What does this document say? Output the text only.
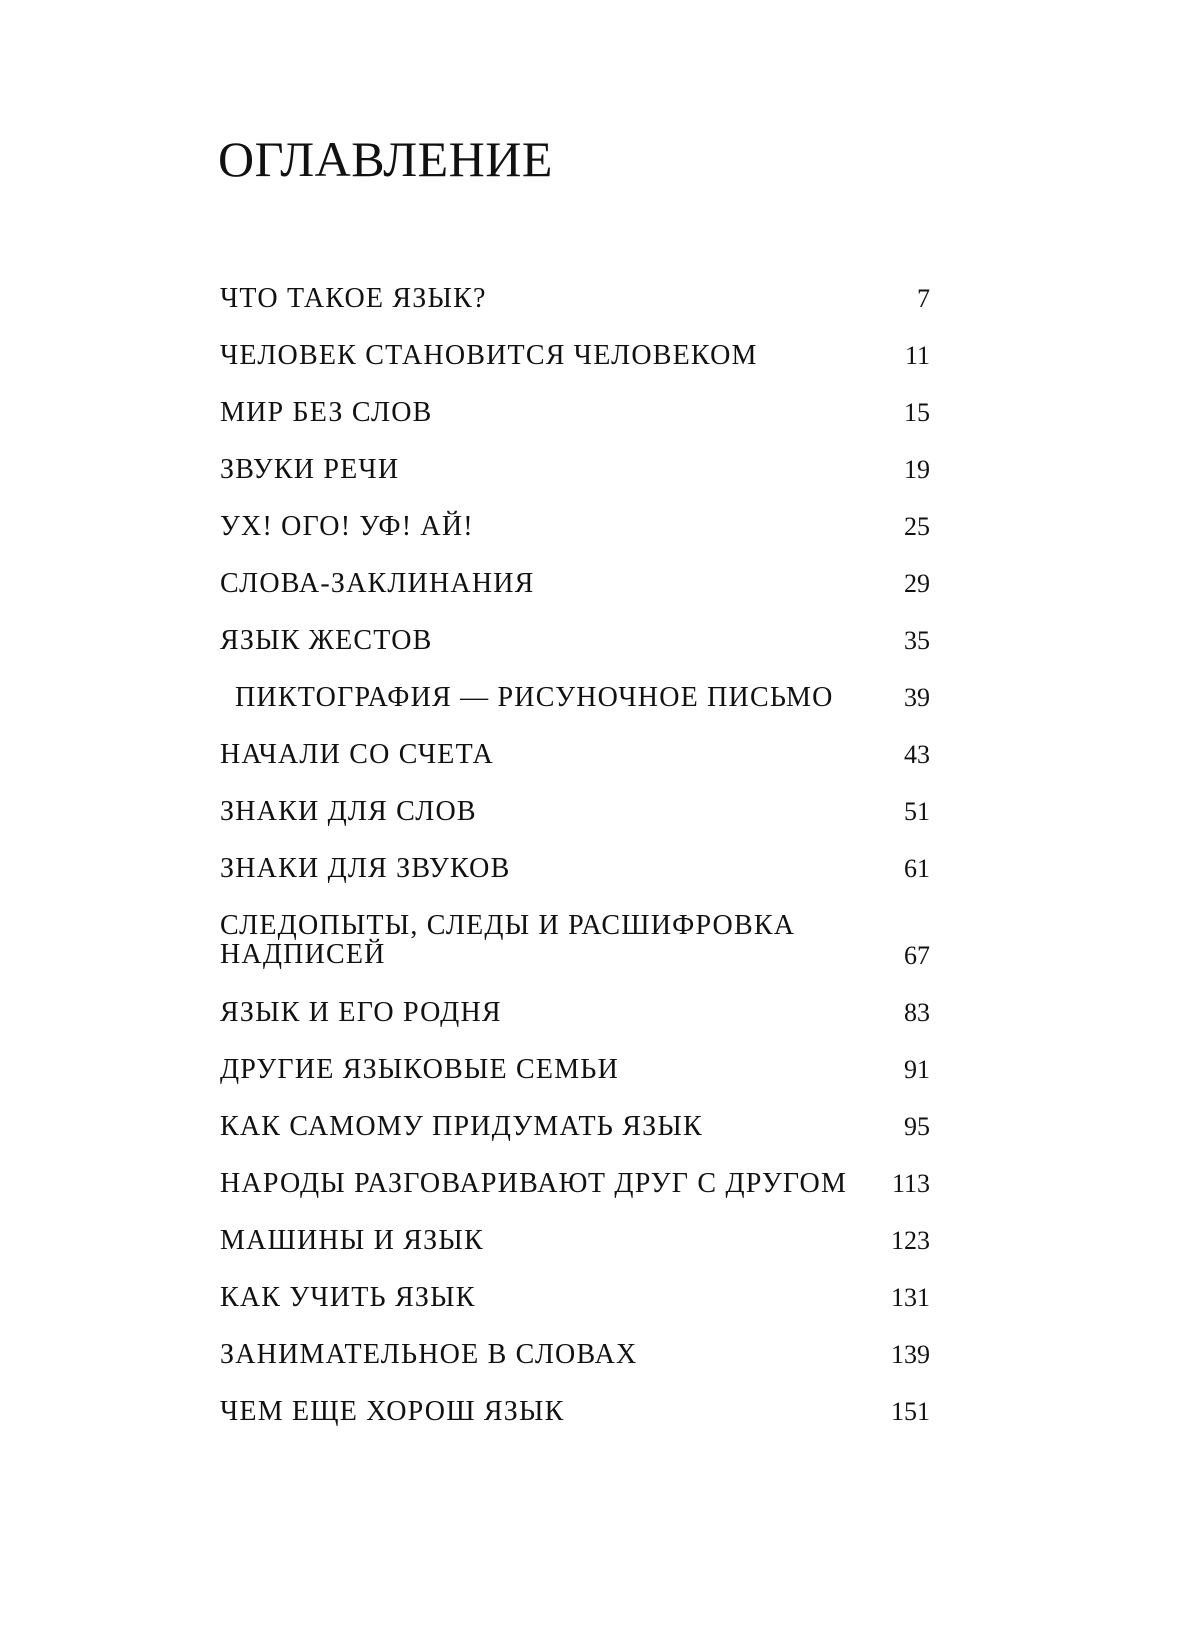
ОГЛАВЛЕНИЕ
ЧТО ТАКОЕ ЯЗЫК?	7
ЧЕЛОВЕК СТАНОВИТСЯ ЧЕЛОВЕКОМ	11
МИР БЕЗ СЛОВ	15
ЗВУКИ РЕЧИ	19
УХ! ОГО! УФ! АЙ!	25
СЛОВА-ЗАКЛИНАНИЯ	29
ЯЗЫК ЖЕСТОВ	35
ПИКТОГРАФИЯ — РИСУНОЧНОЕ ПИСЬМО	39
НАЧАЛИ СО СЧЕТА	43
ЗНАКИ ДЛЯ СЛОВ	51
ЗНАКИ ДЛЯ ЗВУКОВ	61
СЛЕДОПЫТЫ, СЛЕДЫ И РАСШИФРОВКА
НАДПИСЕЙ	67
ЯЗЫК И ЕГО РОДНЯ	83
ДРУГИЕ ЯЗЫКОВЫЕ СЕМЬИ	91
КАК САМОМУ ПРИДУМАТЬ ЯЗЫК	95
НАРОДЫ РАЗГОВАРИВАЮТ ДРУГ С ДРУГОМ 113
МАШИНЫ И ЯЗЫК	123
КАК УЧИТЬ ЯЗЫК	131
ЗАНИМАТЕЛЬНОЕ В СЛОВАХ	139
ЧЕМ ЕЩЕ ХОРОШ ЯЗЫК	151
